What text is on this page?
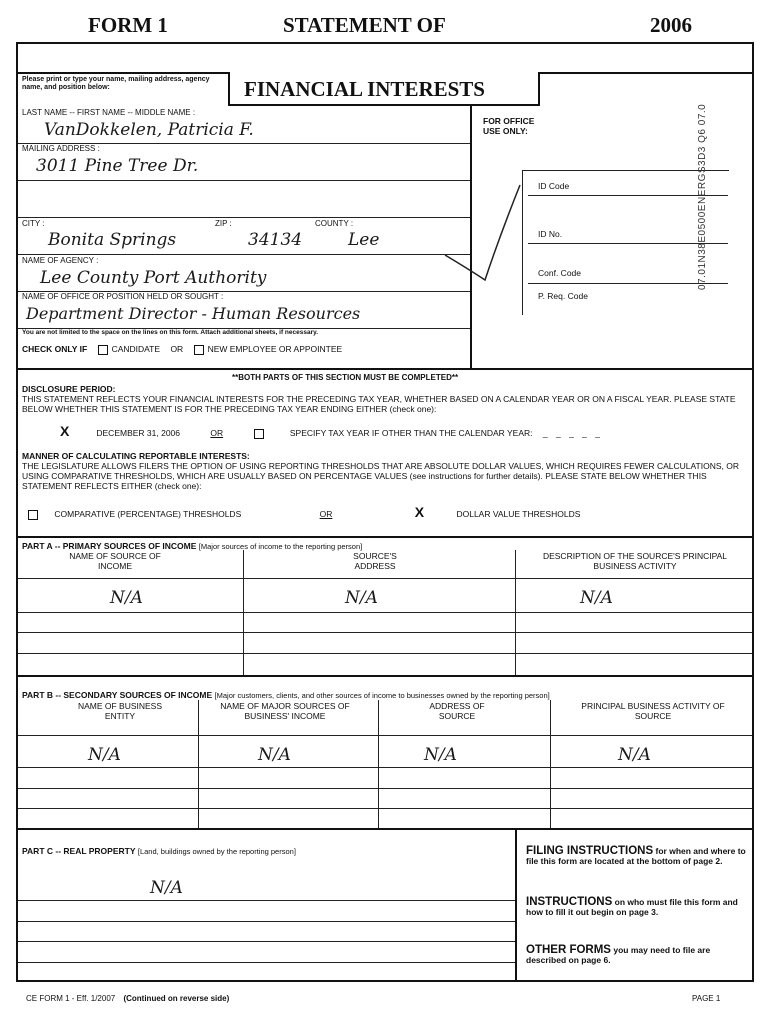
FORM 1	STATEMENT OF	2006
Please print or type your name, mailing address, agency name, and position below:	FINANCIAL INTERESTS
LAST NAME -- FIRST NAME -- MIDDLE NAME :
VanDokkelen, Patricia F.
MAILING ADDRESS :
3011 Pine Tree Dr.
CITY :	ZIP :	COUNTY :
Bonita Springs	34134	Lee
NAME OF AGENCY :
Lee County Port Authority
NAME OF OFFICE OR POSITION HELD OR SOUGHT :
Department Director - Human Resources
You are not limited to the space on the lines on this form. Attach additional sheets, if necessary.
CHECK ONLY IF	CANDIDATE OR	NEW EMPLOYEE OR APPOINTEE
FOR OFFICE
USE ONLY:
ID Code
ID No.
Conf. Code
P. Req. Code
07.01N38E0500ENERGS3D3 Q6 07.0
**BOTH PARTS OF THIS SECTION MUST BE COMPLETED**
DISCLOSURE PERIOD:
THIS STATEMENT REFLECTS YOUR FINANCIAL INTERESTS FOR THE PRECEDING TAX YEAR, WHETHER BASED ON A CALENDAR YEAR OR ON A FISCAL YEAR. PLEASE STATE BELOW WHETHER THIS STATEMENT IS FOR THE PRECEDING TAX YEAR ENDING EITHER (check one):
X	DECEMBER 31, 2006	OR	SPECIFY TAX YEAR IF OTHER THAN THE CALENDAR YEAR: _ _ _ _ _
MANNER OF CALCULATING REPORTABLE INTERESTS:
THE LEGISLATURE ALLOWS FILERS THE OPTION OF USING REPORTING THRESHOLDS THAT ARE ABSOLUTE DOLLAR VALUES, WHICH REQUIRES FEWER CALCULATIONS, OR USING COMPARATIVE THRESHOLDS, WHICH ARE USUALLY BASED ON PERCENTAGE VALUES (see instructions for further details). PLEASE STATE BELOW WHETHER THIS STATEMENT REFLECTS EITHER (check one):
COMPARATIVE (PERCENTAGE) THRESHOLDS	OR	X	DOLLAR VALUE THRESHOLDS
PART A -- PRIMARY SOURCES OF INCOME [Major sources of income to the reporting person]
NAME OF SOURCE OF INCOME
SOURCE'S ADDRESS
DESCRIPTION OF THE SOURCE'S PRINCIPAL BUSINESS ACTIVITY
N/A	N/A	N/A
PART B -- SECONDARY SOURCES OF INCOME [Major customers, clients, and other sources of income to businesses owned by the reporting person]
NAME OF BUSINESS ENTITY
NAME OF MAJOR SOURCES OF BUSINESS' INCOME
ADDRESS OF SOURCE
PRINCIPAL BUSINESS ACTIVITY OF SOURCE
N/A	N/A	N/A	N/A
PART C -- REAL PROPERTY [Land, buildings owned by the reporting person]
N/A
FILING INSTRUCTIONS for when and where to file this form are located at the bottom of page 2.
INSTRUCTIONS on who must file this form and how to fill it out begin on page 3.
OTHER FORMS you may need to file are described on page 6.
CE FORM 1 - Eff. 1/2007 (Continued on reverse side)	PAGE 1
